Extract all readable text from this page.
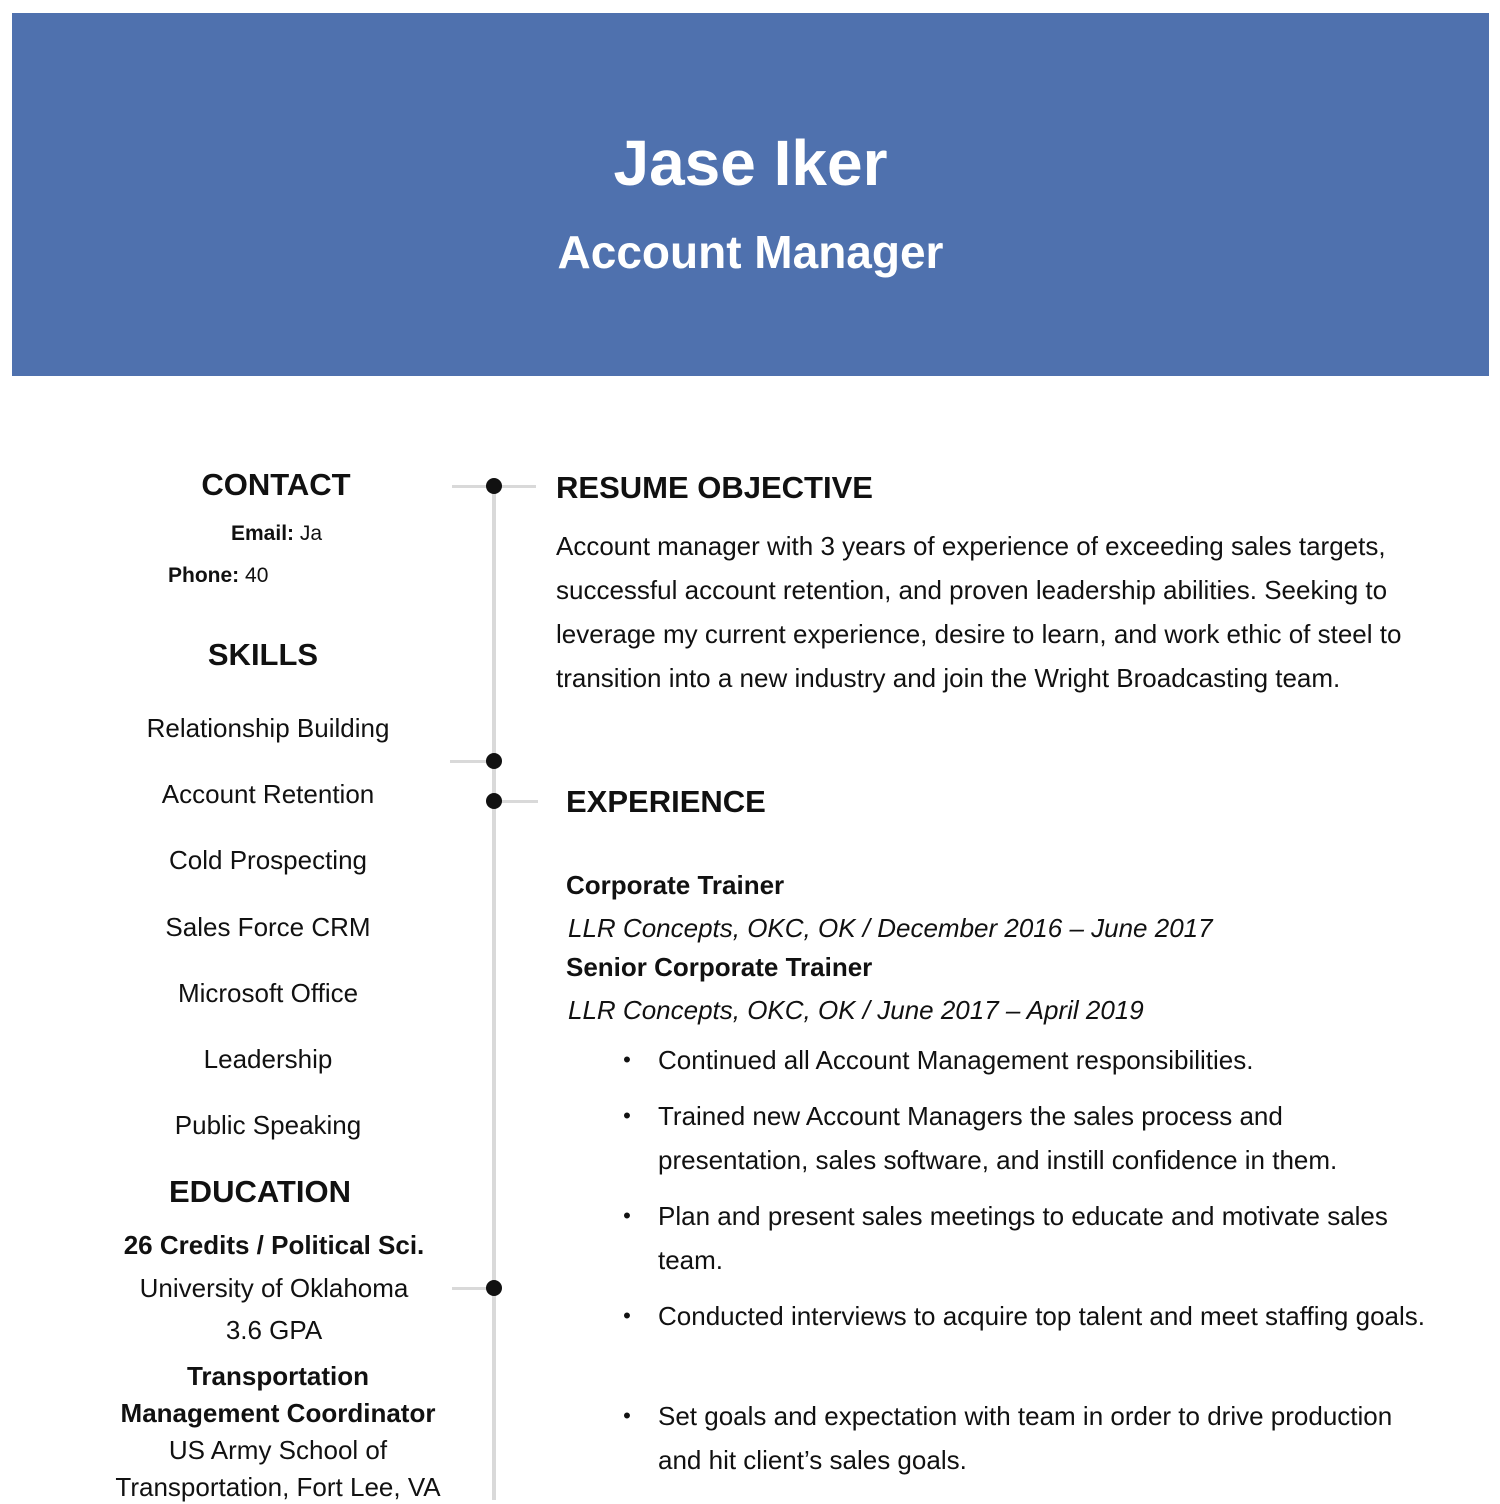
Jase Iker
Account Manager
CONTACT
Email: Ja
Phone: 40
SKILLS
Relationship Building
Account Retention
Cold Prospecting
Sales Force CRM
Microsoft Office
Leadership
Public Speaking
EDUCATION
26 Credits / Political Sci.
University of Oklahoma
3.6 GPA
Transportation
Management Coordinator
US Army School of
Transportation, Fort Lee, VA
RESUME OBJECTIVE

Account manager with 3 years of experience of exceeding sales targets, successful account retention, and proven leadership abilities. Seeking to leverage my current experience, desire to learn, and work ethic of steel to transition into a new industry and join the Wright Broadcasting team.

EXPERIENCE
Corporate Trainer
LLR Concepts, OKC, OK / December 2016 – June 2017
Senior Corporate Trainer
LLR Concepts, OKC, OK / June 2017 – April 2019
•	Continued all Account Management responsibilities.
•	Trained new Account Managers the sales process and presentation, sales software, and instill confidence in them.
•	Plan and present sales meetings to educate and motivate sales team.
•	Conducted interviews to acquire top talent and meet staffing goals.
•	Set goals and expectation with team in order to drive production and hit client’s sales goals.
